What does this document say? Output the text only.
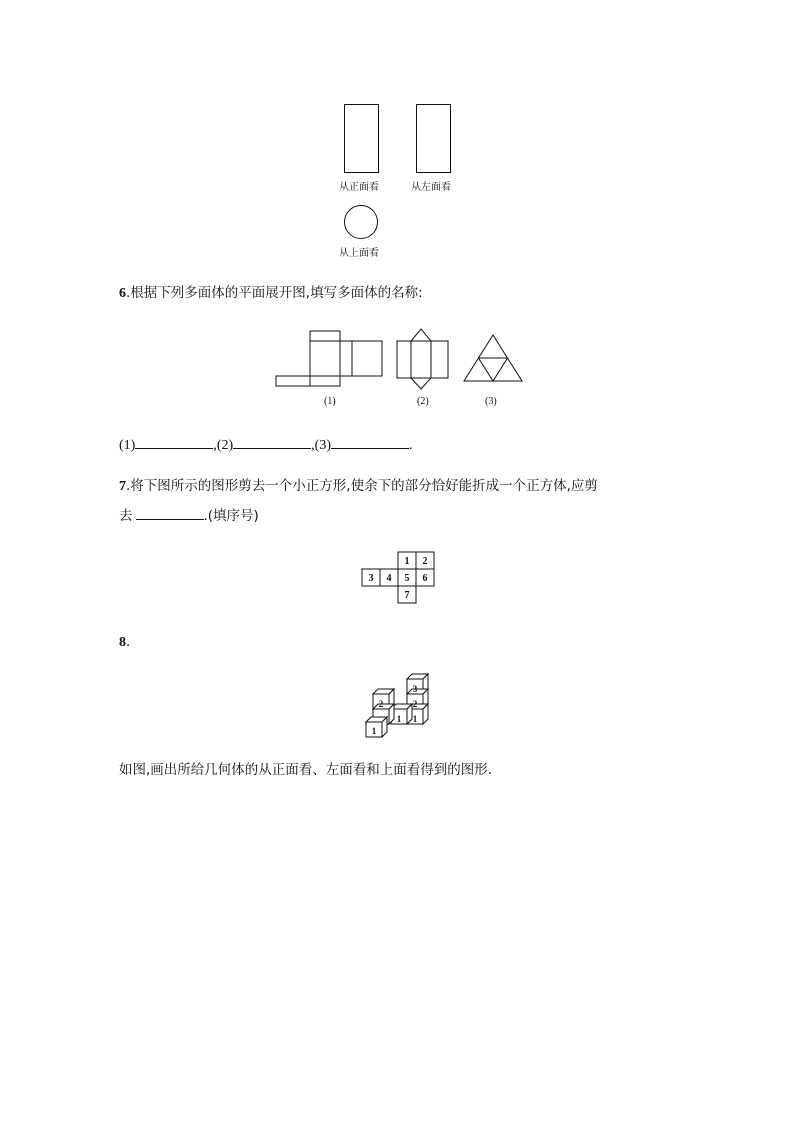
从正面看	从左面看
从上面看
6.根据下列多面体的平面展开图,填写多面体的名称:
(1)	(2)	(3)
(1)	,(2)	,(3)	.
7.将下图所示的图形剪去一个小正方形,使余下的部分恰好能折成一个正方体,应剪
去	.(填序号)
1 2
3 4 5 6
7
8.
1
1 1
2	2
3
如图,画出所给几何体的从正面看、左面看和上面看得到的图形.
